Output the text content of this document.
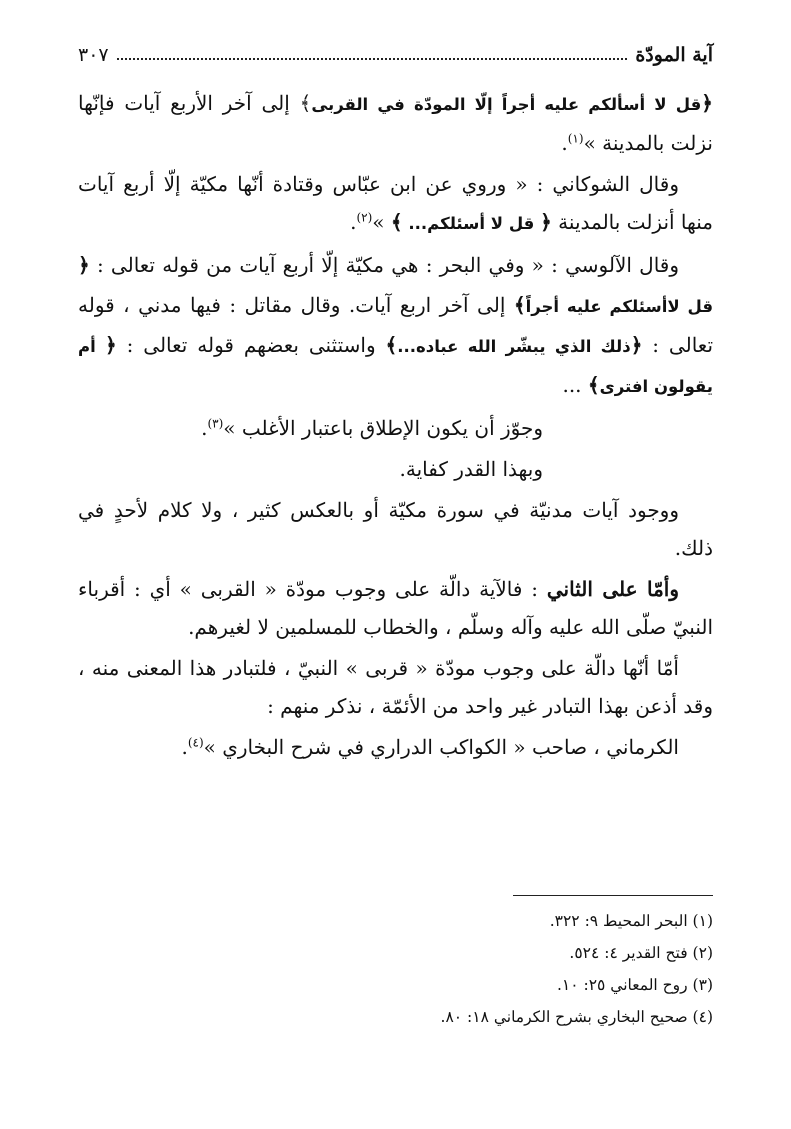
آية المودّة
٣٠٧

﴿قل لا أسألكم عليه أجراً إلّا المودّة في القربى﴾ إلى آخر الأربع آيات فإنّها نزلت بالمدينة »$^{(١)}$.

وقال الشوكاني : « وروي عن ابن عبّاس وقتادة أنّها مكيّة إلّا أربع آيات منها أنزلت بالمدينة ﴿ قل لا أسئلكم... ﴾ »$^{(٢)}$.

وقال الآلوسي : « وفي البحر : هي مكيّة إلّا أربع آيات من قوله تعالى : ﴿ قل لاأسئلكم عليه أجراً﴾ إلى آخر اربع آيات. وقال مقاتل : فيها مدني ، قوله تعالى : ﴿ذلك الذي يبشّر الله عباده...﴾ واستثنى بعضهم قوله تعالى : ﴿ أم يقولون افترى﴾ ...

وجوّز أن يكون الإطلاق باعتبار الأغلب »$^{(٣)}$.

وبهذا القدر كفاية.

ووجود آيات مدنيّة في سورة مكيّة أو بالعكس كثير ، ولا كلام لأحدٍ في ذلك.

وأمّا على الثاني : فالآية دالّة على وجوب مودّة « القربى » أي : أقرباء النبيّ صلّى الله عليه وآله وسلّم ، والخطاب للمسلمين لا لغيرهم.

أمّا أنّها دالّة على وجوب مودّة « قربى » النبيّ ، فلتبادر هذا المعنى منه ، وقد أذعن بهذا التبادر غير واحد من الأئمّة ، نذكر منهم :

الكرماني ، صاحب « الكواكب الدراري في شرح البخاري »$^{(٤)}$.

(١) البحر المحيط ٩: ٣٢٢.
(٢) فتح القدير ٤: ٥٢٤.
(٣) روح المعاني ٢٥: ١٠.
(٤) صحيح البخاري بشرح الكرماني ١٨: ٨٠.
